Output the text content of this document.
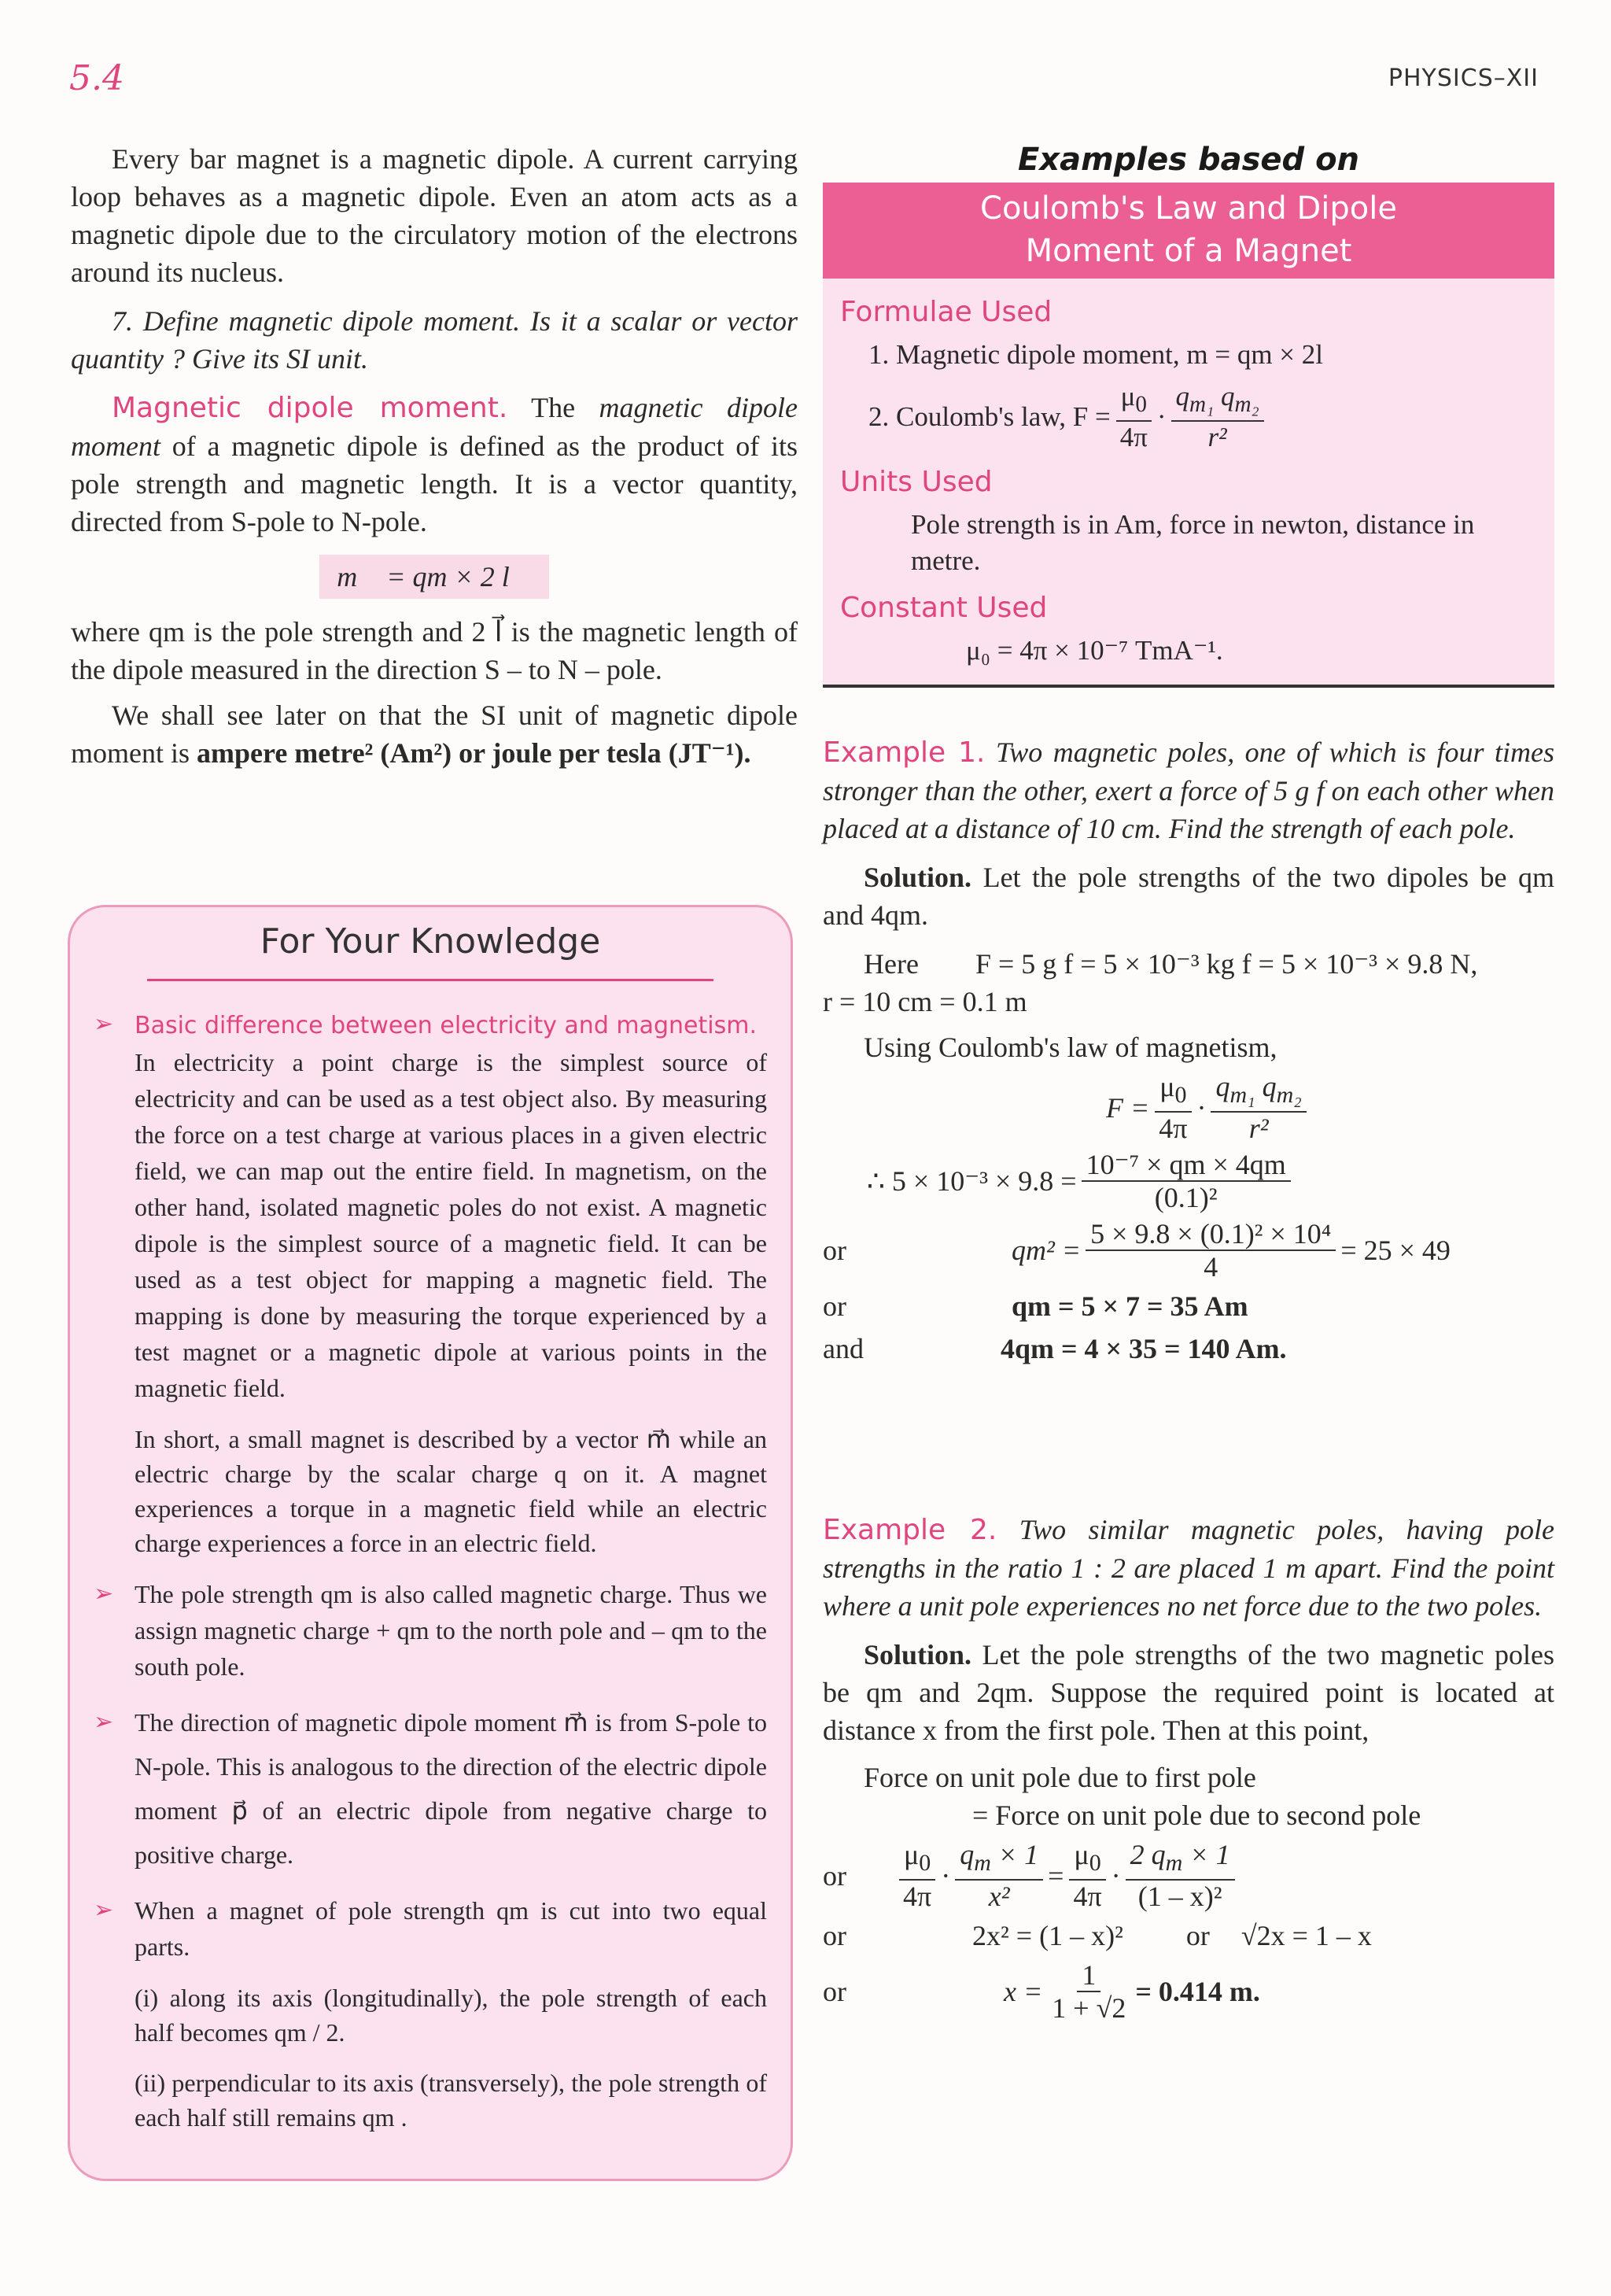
5.4	PHYSICS–XII

Every bar magnet is a magnetic dipole. A current carrying loop behaves as a magnetic dipole. Even an atom acts as a magnetic dipole due to the circulatory motion of the electrons around its nucleus.

7. Define magnetic dipole moment. Is it a scalar or vector quantity ? Give its SI unit.

Magnetic dipole moment. The magnetic dipole moment of a magnetic dipole is defined as the product of its pole strength and magnetic length. It is a vector quantity, directed from S-pole to N-pole.

m⃗ = qm × 2 l⃗

where qm is the pole strength and 2 l⃗ is the magnetic length of the dipole measured in the direction S – to N – pole.

We shall see later on that the SI unit of magnetic dipole moment is ampere metre² (Am²) or joule per tesla (JT⁻¹).

For Your Knowledge
➢ Basic difference between electricity and magnetism.
In electricity a point charge is the simplest source of electricity and can be used as a test object also. By measuring the force on a test charge at various places in a given electric field, we can map out the entire field. In magnetism, on the other hand, isolated magnetic poles do not exist. A magnetic dipole is the simplest source of a magnetic field. It can be used as a test object for mapping a magnetic field. The mapping is done by measuring the torque experienced by a test magnet or a magnetic dipole at various points in the magnetic field.
In short, a small magnet is described by a vector m⃗ while an electric charge by the scalar charge q on it. A magnet experiences a torque in a magnetic field while an electric charge experiences a force in an electric field.
➢ The pole strength qm is also called magnetic charge. Thus we assign magnetic charge + qm to the north pole and – qm to the south pole.
➢ The direction of magnetic dipole moment m⃗ is from S-pole to N-pole. This is analogous to the direction of the electric dipole moment p⃗ of an electric dipole from negative charge to positive charge.
➢ When a magnet of pole strength qm is cut into two equal parts.
(i) along its axis (longitudinally), the pole strength of each half becomes qm / 2.
(ii) perpendicular to its axis (transversely), the pole strength of each half still remains qm .
Examples based on
Coulomb's Law and Dipole
Moment of a Magnet
Formulae Used
1. Magnetic dipole moment, m = qm × 2l
2. Coulomb's law, $F = \frac{\mu_0}{4\pi} \cdot \frac{q_{m_1} q_{m_2}}{\text{r²}}$
Units Used
Pole strength is in Am, force in newton, distance in metre.
Constant Used
μ₀ = 4π × 10⁻⁷ TmA⁻¹.

Example 1. Two magnetic poles, one of which is four times stronger than the other, exert a force of 5 g f on each other when placed at a distance of 10 cm. Find the strength of each pole.

Solution. Let the pole strengths of the two dipoles be qm and 4qm.

Here        F = 5 g f = 5 × 10⁻³ kg f = 5 × 10⁻³ × 9.8 N,

r = 10 cm = 0.1 m

Using Coulomb's law of magnetism,

$F = \frac{\mu_0}{4\pi} \cdot \frac{q_{m_1} q_{m_2}}{\text{r²}}$
∴ $5 \times 10^{-3} \times 9.8 = \frac{\text{10⁻⁷ × qm × 4qm}}{\text{(0.1)²}}$
or	$qm^2 = \frac{\text{5 × 9.8 × (0.1)² × 10⁴}}{4} = 25 \times 49$
or	qm = 5 × 7 = 35 Am
and	4qm = 4 × 35 = 140 Am.

Example 2. Two similar magnetic poles, having pole strengths in the ratio 1 : 2 are placed 1 m apart. Find the point where a unit pole experiences no net force due to the two poles.

Solution. Let the pole strengths of the two magnetic poles be qm and 2qm. Suppose the required point is located at distance x from the first pole. Then at this point,

Force on unit pole due to first pole

= Force on unit pole due to second pole

or	$\frac{\mu_0}{4\pi} \cdot \frac{q_m \times 1}{\text{x²}} = \frac{\mu_0}{4\pi} \cdot \frac{2 q_m \times 1}{\text{(1 – x)²}}$
or	2x² = (1 – x)² or √2x = 1 – x
or	$x = \frac{1}{1 + √2} = 0.414$ m.
